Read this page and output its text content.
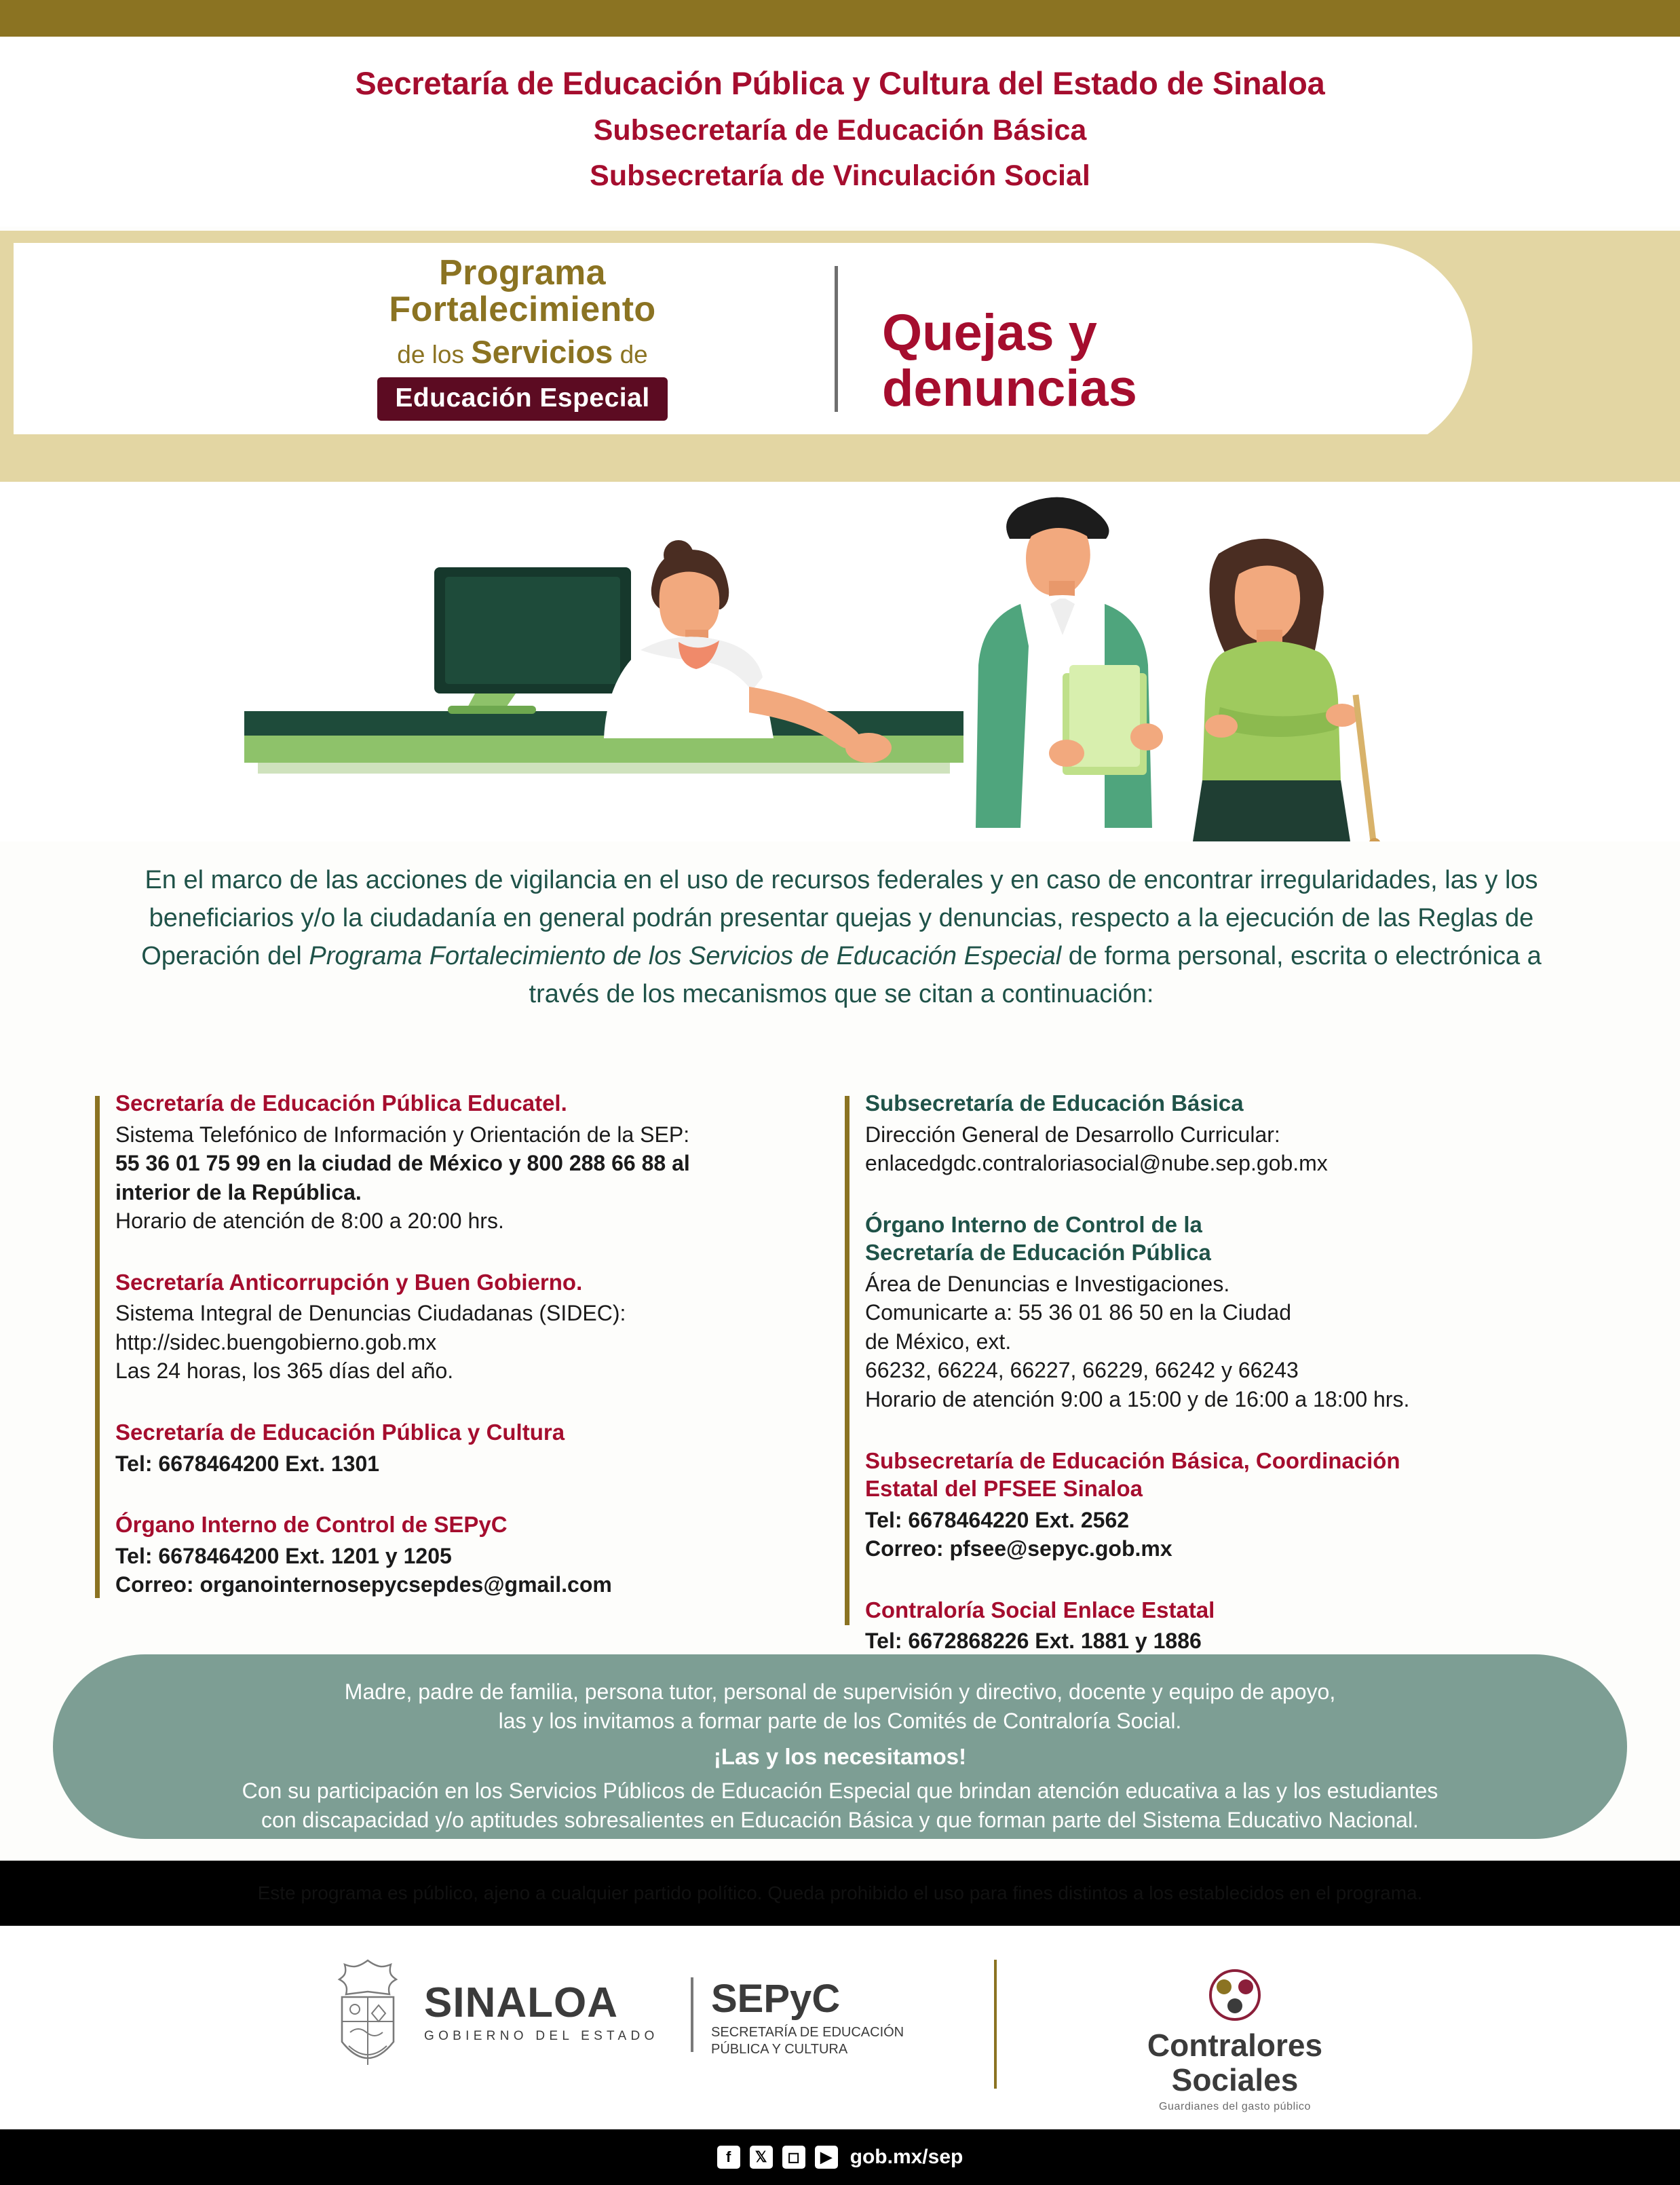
Secretaría de Educación Pública y Cultura del Estado de Sinaloa
Subsecretaría de Educación Básica
Subsecretaría de Vinculación Social
Programa
Fortalecimiento
de los Servicios de
Educación Especial
Quejas y
denuncias
En el marco de las acciones de vigilancia en el uso de recursos federales y en caso de encontrar irregularidades, las y los beneficiarios y/o la ciudadanía en general podrán presentar quejas y denuncias, respecto a la ejecución de las Reglas de Operación del Programa Fortalecimiento de los Servicios de Educación Especial de forma personal, escrita o electrónica a través de los mecanismos que se citan a continuación:
Secretaría de Educación Pública Educatel.
Sistema Telefónico de Información y Orientación de la SEP:
55 36 01 75 99 en la ciudad de México y 800 288 66 88 al
interior de la República.
Horario de atención de 8:00 a 20:00 hrs.
Secretaría Anticorrupción y Buen Gobierno.
Sistema Integral de Denuncias Ciudadanas (SIDEC):
http://sidec.buengobierno.gob.mx
Las 24 horas, los 365 días del año.
Secretaría de Educación Pública y Cultura
Tel: 6678464200 Ext. 1301
Órgano Interno de Control de SEPyC
Tel: 6678464200 Ext. 1201 y 1205
Correo: organointernosepycsepdes@gmail.com
Subsecretaría de Educación Básica
Dirección General de Desarrollo Curricular:
enlacedgdc.contraloriasocial@nube.sep.gob.mx
Órgano Interno de Control de la
Secretaría de Educación Pública
Área de Denuncias e Investigaciones.
Comunicarte a: 55 36 01 86 50 en la Ciudad
de México, ext.
66232, 66224, 66227, 66229, 66242 y 66243
Horario de atención 9:00 a 15:00 y de 16:00 a 18:00 hrs.
Subsecretaría de Educación Básica, Coordinación
Estatal del PFSEE Sinaloa
Tel: 6678464220 Ext. 2562
Correo: pfsee@sepyc.gob.mx
Contraloría Social Enlace Estatal
Tel: 6672868226 Ext. 1881 y 1886
Madre, padre de familia, persona tutor, personal de supervisión y directivo, docente y equipo de apoyo,
las y los invitamos a formar parte de los Comités de Contraloría Social.
¡Las y los necesitamos!
Con su participación en los Servicios Públicos de Educación Especial que brindan atención educativa a las y los estudiantes
con discapacidad y/o aptitudes sobresalientes en Educación Básica y que forman parte del Sistema Educativo Nacional.
Este programa es público, ajeno a cualquier partido político. Queda prohibido el uso para fines distintos a los establecidos en el programa.
SINALOA
GOBIERNO DEL ESTADO
SEPyC
SECRETARÍA DE EDUCACIÓN
PÚBLICA Y CULTURA	Contralores
Sociales
Guardianes del gasto público
f	𝕏	◻	▶ gob.mx/sep
